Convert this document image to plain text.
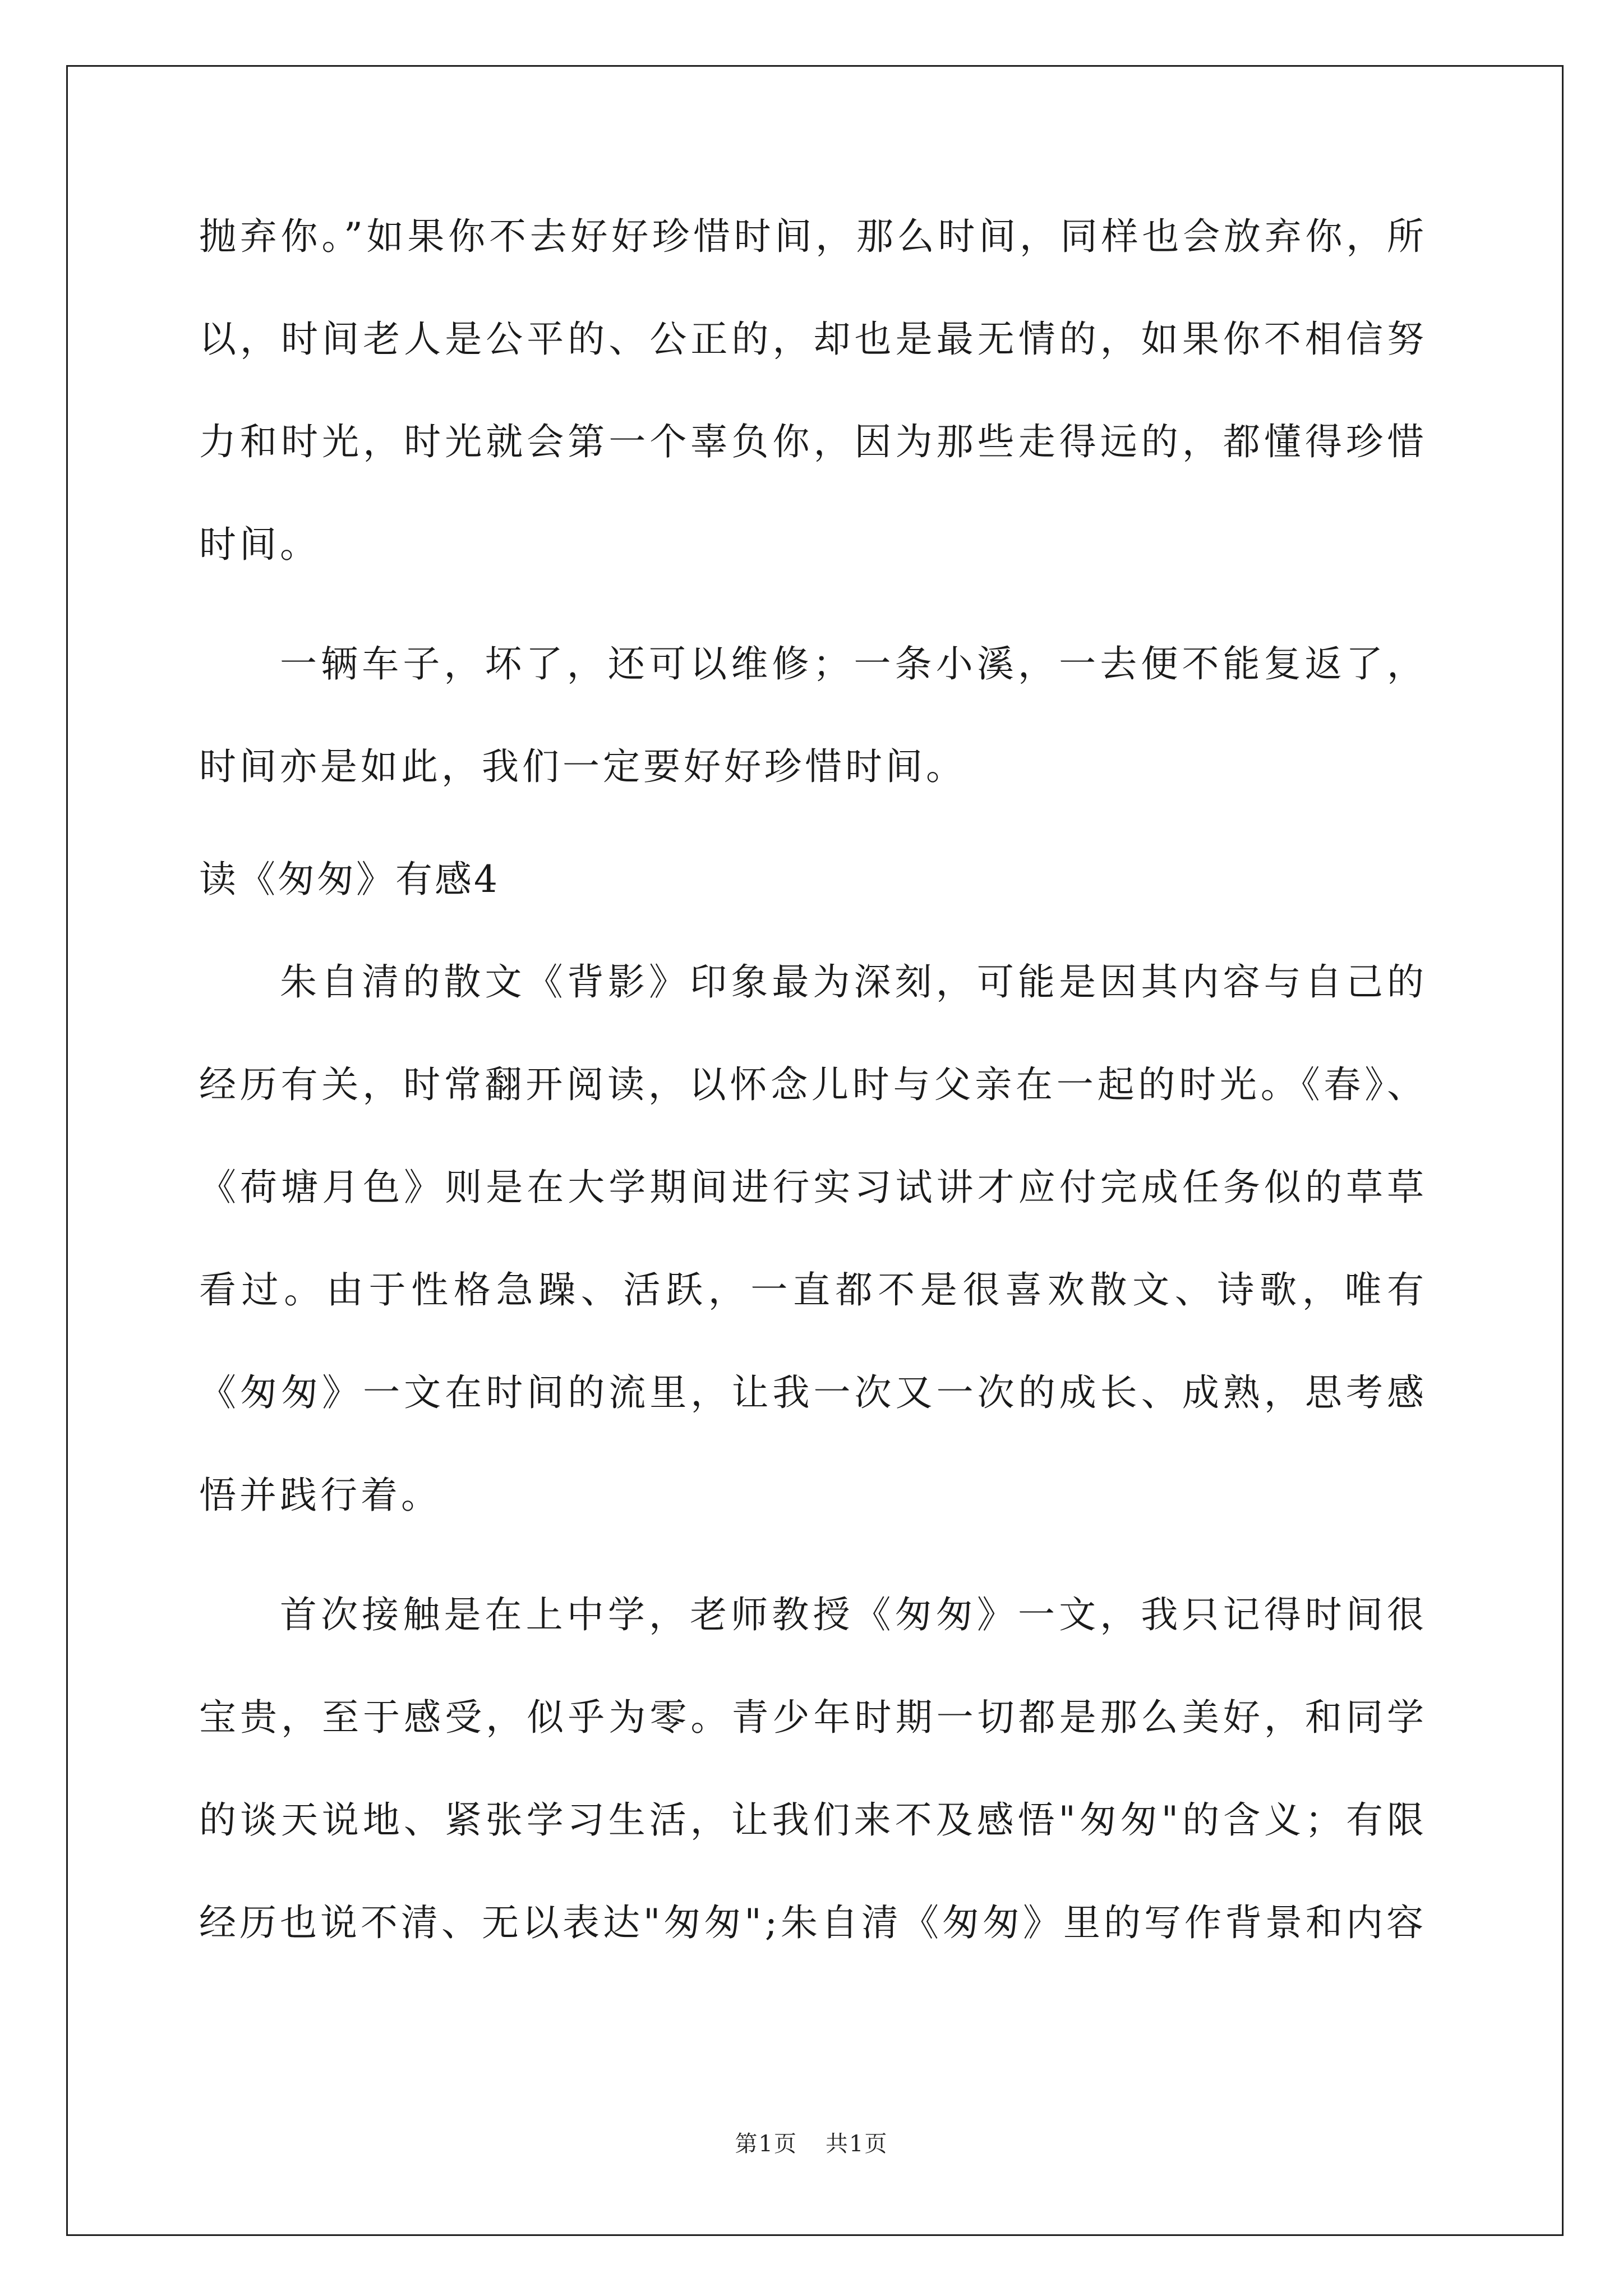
抛弃你。”如果你不去好好珍惜时间，那么时间，同样也会放弃你，所以，时间老人是公平的、公正的，却也是最无情的，如果你不相信努力和时光，时光就会第一个辜负你，因为那些走得远的，都懂得珍惜时间。

一辆车子，坏了，还可以维修；一条小溪，一去便不能复返了，时间亦是如此，我们一定要好好珍惜时间。

读《匆匆》有感4

朱自清的散文《背影》印象最为深刻，可能是因其内容与自己的经历有关，时常翻开阅读，以怀念儿时与父亲在一起的时光。《春》、《荷塘月色》则是在大学期间进行实习试讲才应付完成任务似的草草看过。由于性格急躁、活跃，一直都不是很喜欢散文、诗歌，唯有《匆匆》一文在时间的流里，让我一次又一次的成长、成熟，思考感悟并践行着。

首次接触是在上中学，老师教授《匆匆》一文，我只记得时间很宝贵，至于感受，似乎为零。青少年时期一切都是那么美好，和同学的谈天说地、紧张学习生活，让我们来不及感悟"匆匆"的含义；有限经历也说不清、无以表达"匆匆";朱自清《匆匆》里的写作背景和内容

第1页 共1页
